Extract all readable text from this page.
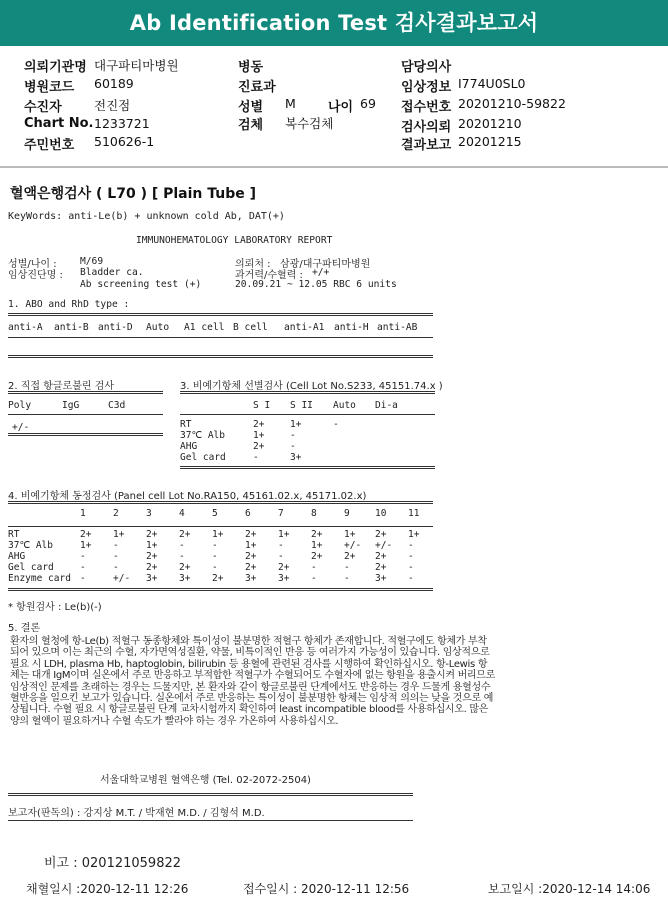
Ab Identification Test 검사결과보고서
의뢰기관명 대구파티마병원
병원코드 60189
수진자	전진점
Chart No. 1233721
주민번호 510626-1
병동
진료과
성별 M 나이 69
검체 복수검체
담당의사
임상정보 I774U0SL0
접수번호 20201210-59822
검사의뢰 20201210
결과보고 20201215
혈액은행검사 ( L70 ) [ Plain Tube ]
KeyWords: anti-Le(b) + unknown cold Ab, DAT(+)
IMMUNOHEMATOLOGY LABORATORY REPORT
성별/나이 : M/69
임상진단명 : Bladder ca.
Ab screening test (+)
의뢰처 : 삼광/대구파티마병원
과거력/수혈력 : +/+
20.09.21 ~ 12.05 RBC 6 units
1. ABO and RhD type :
anti-A anti-B anti-D Auto A1 cell B cell anti-A1 anti-H anti-AB
2. 직접 항글로불린 검사
Poly	IgG	C3d
+/-
3. 비예기항체 선별검사 (Cell Lot No.S233, 45151.74.x )
	S I	S II	Auto	Di-a

RT	2+	1+	-	
37℃ Alb	1+	-		
AHG	2+	-		
Gel card	-	3+		
4. 비예기항체 동정검사 (Panel cell Lot No.RA150, 45161.02.x, 45171.02.x)
	1	2	3	4	5	6	7	8	9	10	11

RT	2+	1+	2+	2+	1+	2+	1+	2+	1+	2+	1+
37℃ Alb	1+	-	1+	-	-	1+	-	1+	+/-	+/-	-
AHG	-	-	2+	-	-	2+	-	2+	2+	2+	-
Gel card	-	-	2+	2+	-	2+	2+	-	-	2+	-
Enzyme card	-	+/-	3+	3+	2+	3+	3+	-	-	3+	-
* 항원검사 : Le(b)(-)
5. 결론
환자의 혈청에 항-Le(b) 적혈구 동종항체와 특이성이 불분명한 적혈구 항체가 존재합니다. 적혈구에도 항체가 부착되어 있으며 이는 최근의 수혈, 자가면역성질환, 약물, 비특이적인 반응 등 여러가지 가능성이 있습니다. 임상적으로 필요 시 LDH, plasma Hb, haptoglobin, bilirubin 등 용혈에 관련된 검사를 시행하여 확인하십시오. 항-Lewis 항체는 대개 IgM이며 실온에서 주로 반응하고 부적합한 적혈구가 수혈되어도 수혈자에 없는 항원을 용출시켜 버리므로 임상적인 문제를 초래하는 경우는 드물지만, 본 환자와 같이 항글로불린 단계에서도 반응하는 경우 드물게 용혈성수혈반응을 일으킨 보고가 있습니다. 실온에서 주로 반응하는 특이성이 불분명한 항체는 임상적 의의는 낮을 것으로 예상됩니다. 수혈 필요 시 항글로불린 단계 교차시험까지 확인하여 least incompatible blood를 사용하십시오. 많은 양의 혈액이 필요하거나 수혈 속도가 빨라야 하는 경우 가온하여 사용하십시오.
서울대학교병원 혈액은행 (Tel. 02-2072-2504)
보고자(판독의) : 강지상 M.T. / 박재현 M.D. / 김형석 M.D.
비고 : 020121059822
채혈일시 :2020-12-11 12:26	접수일시 : 2020-12-11 12:56	보고일시 :2020-12-14 14:06
